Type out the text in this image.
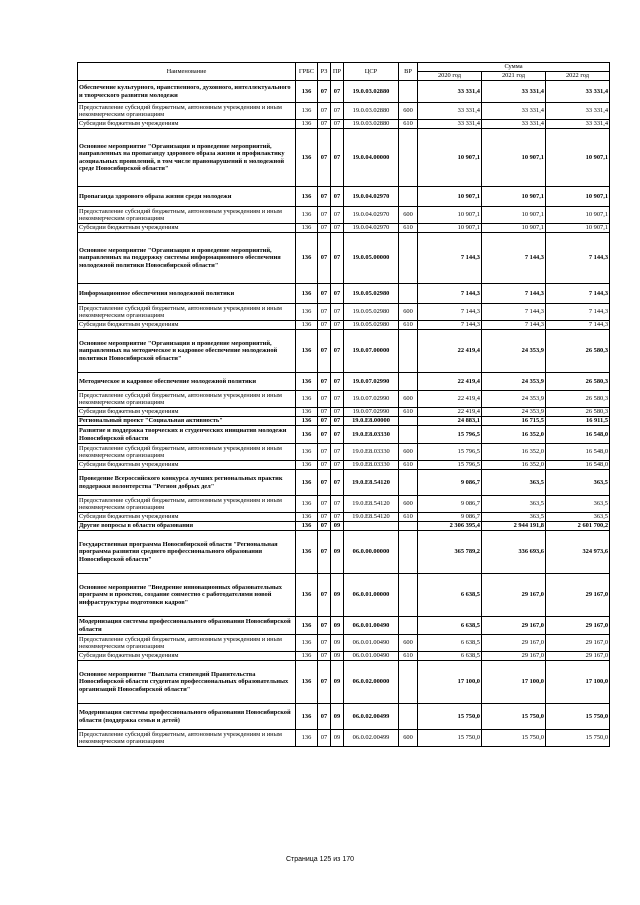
Наименование	ГРБС	РЗ	ПР	ЦСР	ВР	Сумма		
						2020 год	2021 год	2022 год
Обеспечение культурного, нравственного, духовного, интеллектуального и творческого развития молодежи	136	07	07	19.0.03.02880		33 331,4	33 331,4	33 331,4
Предоставление субсидий бюджетным, автономным учреждениям и иным некоммерческим организациям	136	07	07	19.0.03.02880	600	33 331,4	33 331,4	33 331,4
Субсидии бюджетным учреждениям	136	07	07	19.0.03.02880	610	33 331,4	33 331,4	33 331,4
Основное мероприятие "Организация и проведение мероприятий, направленных на пропаганду здорового образа жизни и профилактику асоциальных проявлений, в том числе правонарушений в молодежной среде Новосибирской области"	136	07	07	19.0.04.00000		10 907,1	10 907,1	10 907,1
Пропаганда здорового образа жизни среди молодежи	136	07	07	19.0.04.02970		10 907,1	10 907,1	10 907,1
Предоставление субсидий бюджетным, автономным учреждениям и иным некоммерческим организациям	136	07	07	19.0.04.02970	600	10 907,1	10 907,1	10 907,1
Субсидии бюджетным учреждениям	136	07	07	19.0.04.02970	610	10 907,1	10 907,1	10 907,1
Основное мероприятие "Организация и проведение мероприятий, направленных на поддержку системы информационного обеспечения молодежной политики Новосибирской области"	136	07	07	19.0.05.00000		7 144,3	7 144,3	7 144,3
Информационное обеспечения молодежной политики	136	07	07	19.0.05.02980		7 144,3	7 144,3	7 144,3
Предоставление субсидий бюджетным, автономным учреждениям и иным некоммерческим организациям	136	07	07	19.0.05.02980	600	7 144,3	7 144,3	7 144,3
Субсидии бюджетным учреждениям	136	07	07	19.0.05.02980	610	7 144,3	7 144,3	7 144,3
Основное мероприятие "Организация и проведение мероприятий, направленных на методическое и кадровое обеспечение молодежной политики Новосибирской области"	136	07	07	19.0.07.00000		22 419,4	24 353,9	26 580,3
Методическое и кадровое обеспечение молодежной политики	136	07	07	19.0.07.02990		22 419,4	24 353,9	26 580,3
Предоставление субсидий бюджетным, автономным учреждениям и иным некоммерческим организациям	136	07	07	19.0.07.02990	600	22 419,4	24 353,9	26 580,3
Субсидии бюджетным учреждениям	136	07	07	19.0.07.02990	610	22 419,4	24 353,9	26 580,3
Региональный проект "Социальная активность"	136	07	07	19.0.E8.00000		24 883,1	16 715,5	16 911,5
Развитие и поддержка творческих и студенческих инициатив молодежи Новосибирской области	136	07	07	19.0.E8.03330		15 796,5	16 352,0	16 548,0
Предоставление субсидий бюджетным, автономным учреждениям и иным некоммерческим организациям	136	07	07	19.0.E8.03330	600	15 796,5	16 352,0	16 548,0
Субсидии бюджетным учреждениям	136	07	07	19.0.E8.03330	610	15 796,5	16 352,0	16 548,0
Проведение Всероссийского конкурса лучших региональных практик поддержки волонтерства "Регион добрых дел"	136	07	07	19.0.E8.54120		9 086,7	363,5	363,5
Предоставление субсидий бюджетным, автономным учреждениям и иным некоммерческим организациям	136	07	07	19.0.E8.54120	600	9 086,7	363,5	363,5
Субсидии бюджетным учреждениям	136	07	07	19.0.E8.54120	610	9 086,7	363,5	363,5
Другие вопросы в области образования	136	07	09			2 306 395,4	2 944 191,8	2 601 700,2
Государственная программа Новосибирской области "Региональная программа развития среднего профессионального образования Новосибирской области"	136	07	09	06.0.00.00000		365 789,2	336 693,6	324 973,6
Основное мероприятие "Внедрение инновационных образовательных программ и проектов, создание совместно с работодателями новой инфраструктуры подготовки кадров"	136	07	09	06.0.01.00000		6 638,5	29 167,0	29 167,0
Модернизация системы профессионального образования Новосибирской области	136	07	09	06.0.01.00490		6 638,5	29 167,0	29 167,0
Предоставление субсидий бюджетным, автономным учреждениям и иным некоммерческим организациям	136	07	09	06.0.01.00490	600	6 638,5	29 167,0	29 167,0
Субсидии бюджетным учреждениям	136	07	09	06.0.01.00490	610	6 638,5	29 167,0	29 167,0
Основное мероприятие "Выплата стипендий Правительства Новосибирской области студентам профессиональных образовательных организаций Новосибирской области"	136	07	09	06.0.02.00000		17 100,0	17 100,0	17 100,0
Модернизация системы профессионального образования Новосибирской области (поддержка семьи и детей)	136	07	09	06.0.02.00499		15 750,0	15 750,0	15 750,0
Предоставление субсидий бюджетным, автономным учреждениям и иным некоммерческим организациям	136	07	09	06.0.02.00499	600	15 750,0	15 750,0	15 750,0
Страница 125 из 170
